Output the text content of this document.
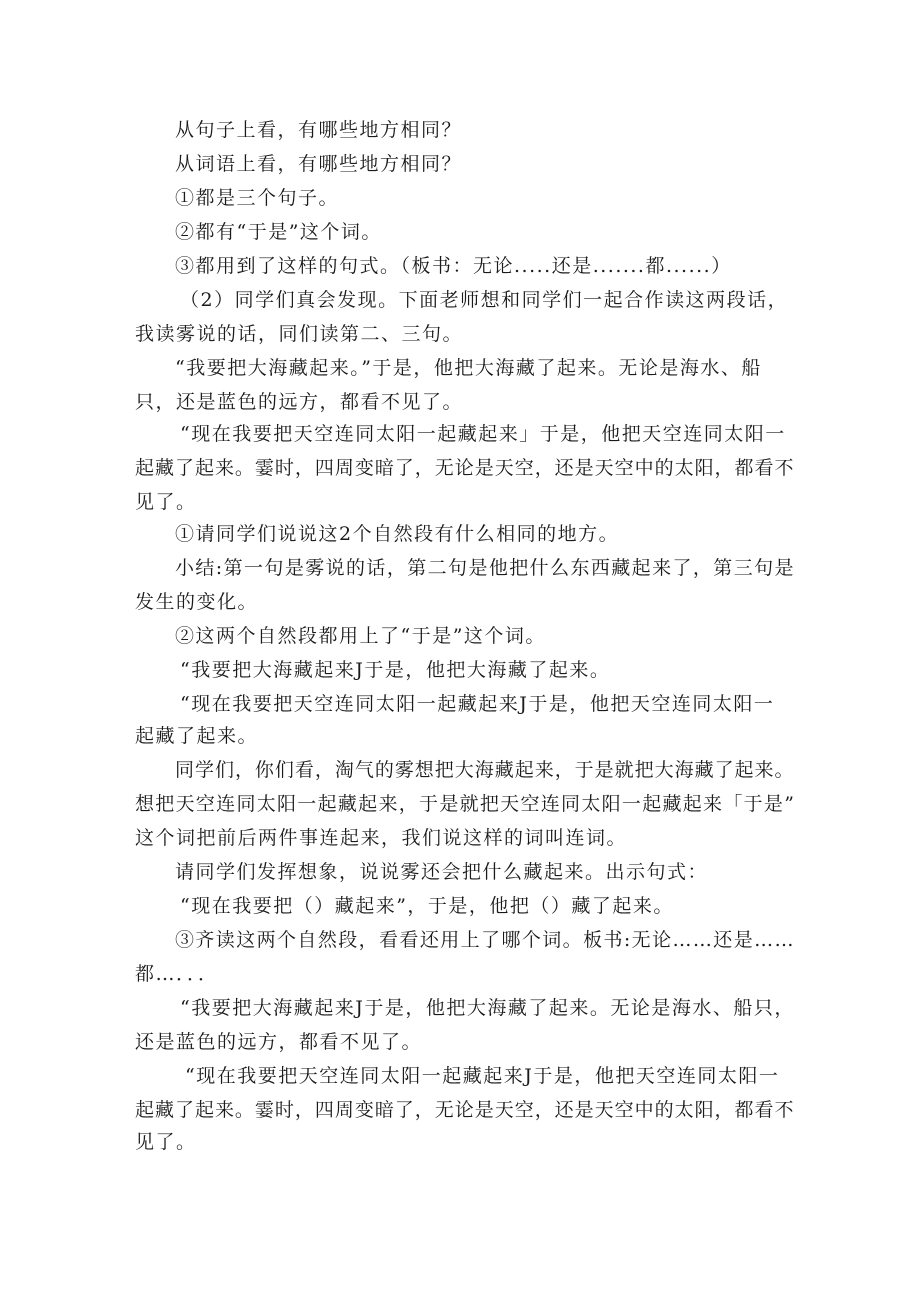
从句子上看，有哪些地方相同？
从词语上看，有哪些地方相同？
①都是三个句子。
②都有“于是”这个词。
③都用到了这样的句式。（板书：无论.....还是.......都......）
（2）同学们真会发现。下面老师想和同学们一起合作读这两段话，
我读雾说的话，同们读第二、三句。
“我要把大海藏起来。”于是，他把大海藏了起来。无论是海水、船
只，还是蓝色的远方，都看不见了。
“现在我要把天空连同太阳一起藏起来」于是，他把天空连同太阳一
起藏了起来。霎时，四周变暗了，无论是天空，还是天空中的太阳，都看不
见了。
①请同学们说说这2个自然段有什么相同的地方。
小结:第一句是雾说的话，第二句是他把什么东西藏起来了，第三句是
发生的变化。
②这两个自然段都用上了“于是”这个词。
“我要把大海藏起来J于是，他把大海藏了起来。
“现在我要把天空连同太阳一起藏起来J于是，他把天空连同太阳一
起藏了起来。
同学们，你们看，淘气的雾想把大海藏起来，于是就把大海藏了起来。
想把天空连同太阳一起藏起来，于是就把天空连同太阳一起藏起来「于是”
这个词把前后两件事连起来，我们说这样的词叫连词。
请同学们发挥想象，说说雾还会把什么藏起来。出示句式：
“现在我要把（）藏起来”，于是，他把（）藏了起来。
③齐读这两个自然段，看看还用上了哪个词。板书:无论……还是……
都…．．．
“我要把大海藏起来J于是，他把大海藏了起来。无论是海水、船只，
还是蓝色的远方，都看不见了。
“现在我要把天空连同太阳一起藏起来J于是，他把天空连同太阳一
起藏了起来。霎时，四周变暗了，无论是天空，还是天空中的太阳，都看不
见了。
